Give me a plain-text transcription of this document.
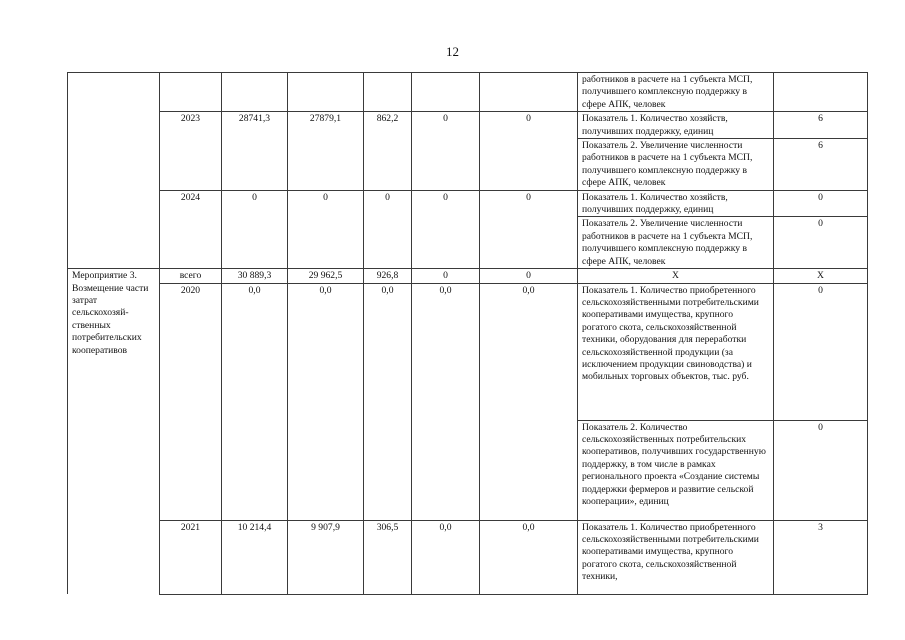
12
							работников в расчете на 1 субъекта МСП, получившего комплексную поддержку в сфере АПК, человек	
	2023	28741,3	27879,1	862,2	0	0	Показатель 1. Количество хозяйств, получивших поддержку, единиц	6
							Показатель 2. Увеличение численности работников в расчете на 1 субъекта МСП, получившего комплексную поддержку в сфере АПК, человек	6
	2024	0	0	0	0	0	Показатель 1. Количество хозяйств, получивших поддержку, единиц	0
							Показатель 2. Увеличение численности работников в расчете на 1 субъекта МСП, получившего комплексную поддержку в сфере АПК, человек	0
Мероприятие 3. Возмещение части затрат сельскохозяй-ственных потребительских кооперативов	всего	30 889,3	29 962,5	926,8	0	0	X	X
	2020	0,0	0,0	0,0	0,0	0,0	Показатель 1. Количество приобретенного сельскохозяйственными потребительскими кооперативами имущества, крупного рогатого скота, сельскохозяйственной техники, оборудования для переработки сельскохозяйственной продукции (за исключением продукции свиноводства) и мобильных торговых объектов, тыс. руб.	0
							Показатель 2. Количество сельскохозяйственных потребительских кооперативов, получивших государственную поддержку, в том числе в рамках регионального проекта «Создание системы поддержки фермеров и развитие сельской кооперации», единиц	0
	2021	10 214,4	9 907,9	306,5	0,0	0,0	Показатель 1. Количество приобретенного сельскохозяйственными потребительскими кооперативами имущества, крупного рогатого скота, сельскохозяйственной техники,	3
